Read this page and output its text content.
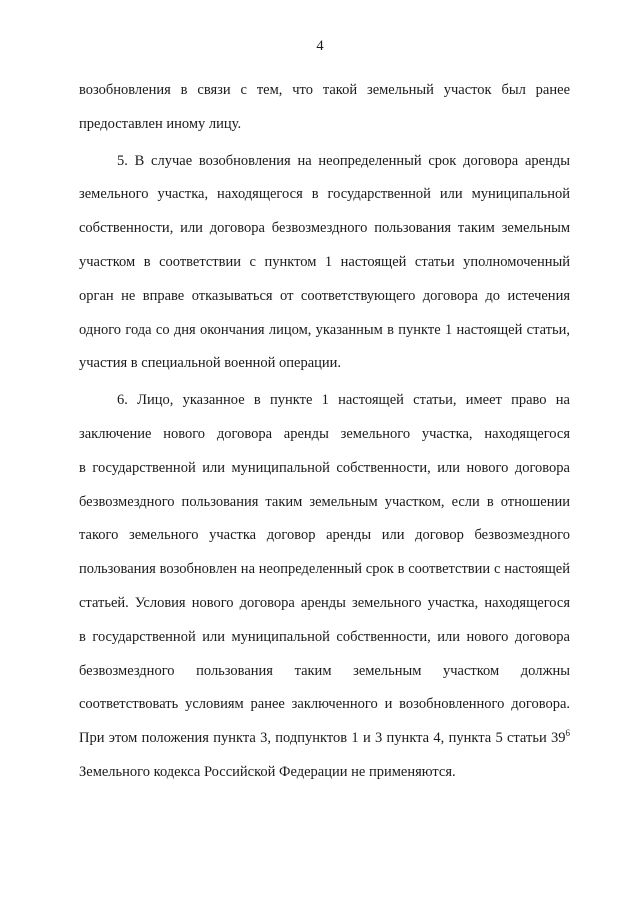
4
возобновления в связи с тем, что такой земельный участок был ранее
предоставлен иному лицу.
5. В случае возобновления на неопределенный срок договора аренды
земельного участка, находящегося в государственной или муниципальной
собственности, или договора безвозмездного пользования таким земельным
участком в соответствии с пунктом 1 настоящей статьи уполномоченный
орган не вправе отказываться от соответствующего договора до истечения
одного года со дня окончания лицом, указанным в пункте 1 настоящей статьи,
участия в специальной военной операции.
6. Лицо, указанное в пункте 1 настоящей статьи, имеет право на
заключение нового договора аренды земельного участка, находящегося
в государственной или муниципальной собственности, или нового договора
безвозмездного пользования таким земельным участком, если в отношении
такого земельного участка договор аренды или договор безвозмездного
пользования возобновлен на неопределенный срок в соответствии с настоящей
статьей. Условия нового договора аренды земельного участка, находящегося
в государственной или муниципальной собственности, или нового договора
безвозмездного пользования таким земельным участком должны
соответствовать условиям ранее заключенного и возобновленного договора.
При этом положения пункта 3, подпунктов 1 и 3 пункта 4, пункта 5 статьи $39^6$
Земельного кодекса Российской Федерации не применяются.
